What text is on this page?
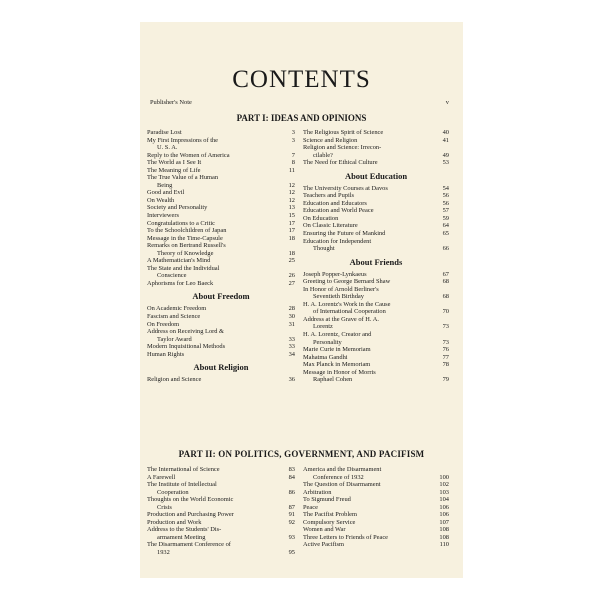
CONTENTS
Publisher's Note	v
PART I: IDEAS AND OPINIONS
Paradise Lost	3
My First Impressions of the	3
U. S. A.
Reply to the Women of America	7
The World as I See It	8
The Meaning of Life	11
The True Value of a Human
Being	12
Good and Evil	12
On Wealth	12
Society and Personality	13
Interviewers	15
Congratulations to a Critic	17
To the Schoolchildren of Japan	17
Message in the Time-Capsule	18
Remarks on Bertrand Russell's
Theory of Knowledge	18
A Mathematician's Mind	25
The State and the Individual
Conscience	26
Aphorisms for Leo Baeck	27
About Freedom
On Academic Freedom	28
Fascism and Science	30
On Freedom	31
Address on Receiving Lord &
Taylor Award	33
Modern Inquisitional Methods	33
Human Rights	34
About Religion
Religion and Science	36
The Religious Spirit of Science	40
Science and Religion	41
Religion and Science: Irrecon-
cilable?	49
The Need for Ethical Culture	53
About Education
The University Courses at Davos	54
Teachers and Pupils	56
Education and Educators	56
Education and World Peace	57
On Education	59
On Classic Literature	64
Ensuring the Future of Mankind	65
Education for Independent
Thought	66
About Friends
Joseph Popper-Lynkaeus	67
Greeting to George Bernard Shaw	68
In Honor of Arnold Berliner's
Seventieth Birthday	68
H. A. Lorentz's Work in the Cause
of International Cooperation	70
Address at the Grave of H. A.
Lorentz	73
H. A. Lorentz, Creator and
Personality	73
Marie Curie in Memoriam	76
Mahatma Gandhi	77
Max Planck in Memoriam	78
Message in Honor of Morris
Raphael Cohen	79
PART II: ON POLITICS, GOVERNMENT, AND PACIFISM
The International of Science	83
A Farewell	84
The Institute of Intellectual
Cooperation	86
Thoughts on the World Economic
Crisis	87
Production and Purchasing Power	91
Production and Work	92
Address to the Students' Dis-
armament Meeting	93
The Disarmament Conference of
1932	95
America and the Disarmament
Conference of 1932	100
The Question of Disarmament	102
Arbitration	103
To Sigmund Freud	104
Peace	106
The Pacifist Problem	106
Compulsory Service	107
Women and War	108
Three Letters to Friends of Peace	108
Active Pacifism	110
